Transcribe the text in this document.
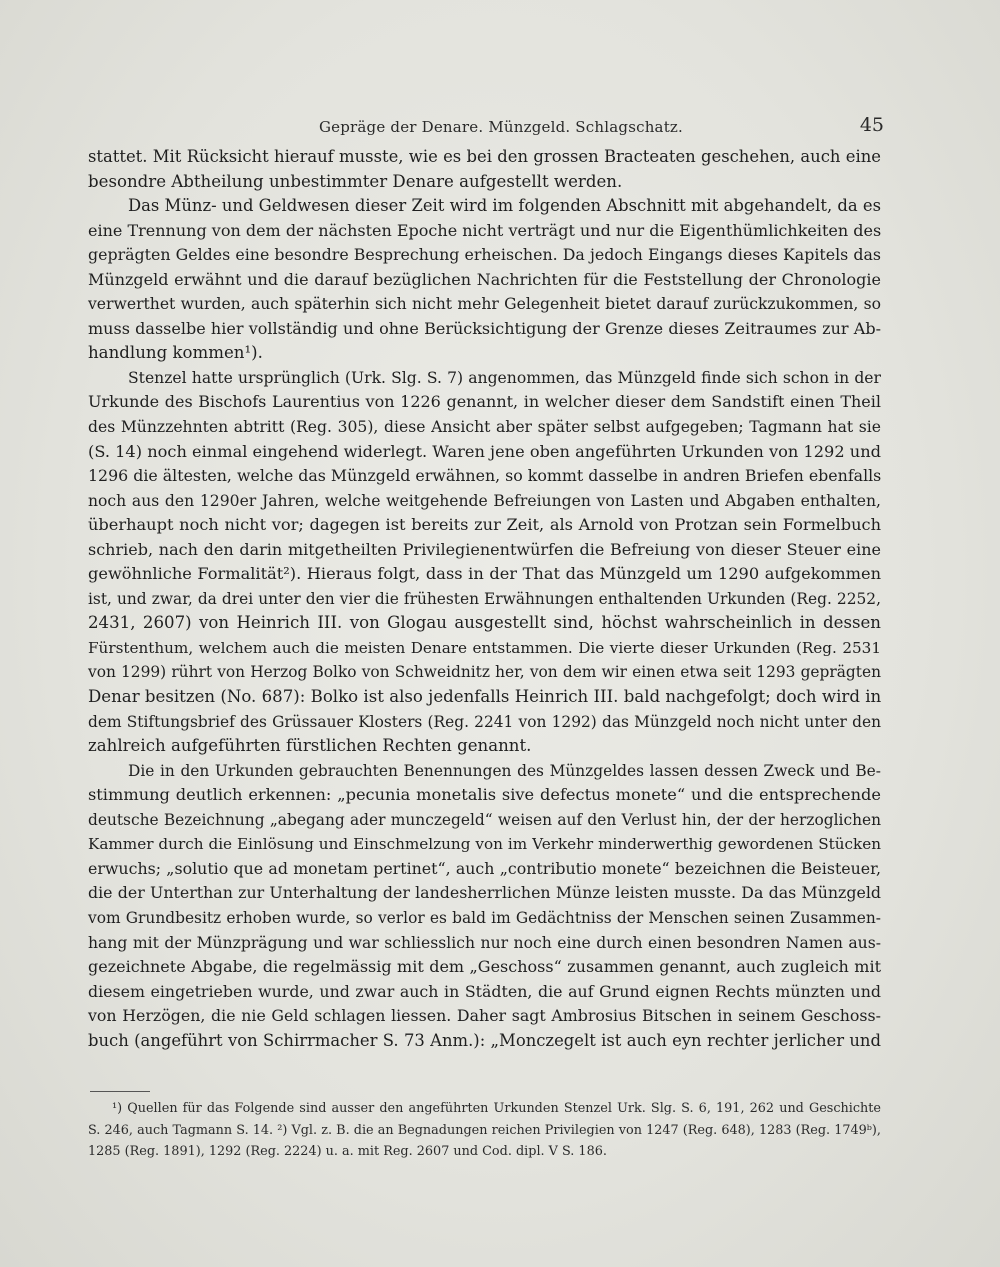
Gepräge der Denare. Münzgeld. Schlagschatz.	45

stattet. Mit Rücksicht hierauf musste, wie es bei den grossen Bracteaten geschehen, auch eine

besondre Abtheilung unbestimmter Denare aufgestellt werden.

Das Münz- und Geldwesen dieser Zeit wird im folgenden Abschnitt mit abgehandelt, da es

eine Trennung von dem der nächsten Epoche nicht verträgt und nur die Eigenthümlichkeiten des

geprägten Geldes eine besondre Besprechung erheischen. Da jedoch Eingangs dieses Kapitels das

Münzgeld erwähnt und die darauf bezüglichen Nachrichten für die Feststellung der Chronologie

verwerthet wurden, auch späterhin sich nicht mehr Gelegenheit bietet darauf zurückzukommen, so

muss dasselbe hier vollständig und ohne Berücksichtigung der Grenze dieses Zeitraumes zur Ab-

handlung kommen¹).

Stenzel hatte ursprünglich (Urk. Slg. S. 7) angenommen, das Münzgeld finde sich schon in der

Urkunde des Bischofs Laurentius von 1226 genannt, in welcher dieser dem Sandstift einen Theil

des Münzzehnten abtritt (Reg. 305), diese Ansicht aber später selbst aufgegeben; Tagmann hat sie

(S. 14) noch einmal eingehend widerlegt. Waren jene oben angeführten Urkunden von 1292 und

1296 die ältesten, welche das Münzgeld erwähnen, so kommt dasselbe in andren Briefen ebenfalls

noch aus den 1290er Jahren, welche weitgehende Befreiungen von Lasten und Abgaben enthalten,

überhaupt noch nicht vor; dagegen ist bereits zur Zeit, als Arnold von Protzan sein Formelbuch

schrieb, nach den darin mitgetheilten Privilegienentwürfen die Befreiung von dieser Steuer eine

gewöhnliche Formalität²). Hieraus folgt, dass in der That das Münzgeld um 1290 aufgekommen

ist, und zwar, da drei unter den vier die frühesten Erwähnungen enthaltenden Urkunden (Reg. 2252,

2431, 2607) von Heinrich III. von Glogau ausgestellt sind, höchst wahrscheinlich in dessen

Fürstenthum, welchem auch die meisten Denare entstammen. Die vierte dieser Urkunden (Reg. 2531

von 1299) rührt von Herzog Bolko von Schweidnitz her, von dem wir einen etwa seit 1293 geprägten

Denar besitzen (No. 687): Bolko ist also jedenfalls Heinrich III. bald nachgefolgt; doch wird in

dem Stiftungsbrief des Grüssauer Klosters (Reg. 2241 von 1292) das Münzgeld noch nicht unter den

zahlreich aufgeführten fürstlichen Rechten genannt.

Die in den Urkunden gebrauchten Benennungen des Münzgeldes lassen dessen Zweck und Be-

stimmung deutlich erkennen: „pecunia monetalis sive defectus monete“ und die entsprechende

deutsche Bezeichnung „abegang ader munczegeld“ weisen auf den Verlust hin, der der herzoglichen

Kammer durch die Einlösung und Einschmelzung von im Verkehr minderwerthig gewordenen Stücken

erwuchs; „solutio que ad monetam pertinet“, auch „contributio monete“ bezeichnen die Beisteuer,

die der Unterthan zur Unterhaltung der landesherrlichen Münze leisten musste. Da das Münzgeld

vom Grundbesitz erhoben wurde, so verlor es bald im Gedächtniss der Menschen seinen Zusammen-

hang mit der Münzprägung und war schliesslich nur noch eine durch einen besondren Namen aus-

gezeichnete Abgabe, die regelmässig mit dem „Geschoss“ zusammen genannt, auch zugleich mit

diesem eingetrieben wurde, und zwar auch in Städten, die auf Grund eignen Rechts münzten und

von Herzögen, die nie Geld schlagen liessen. Daher sagt Ambrosius Bitschen in seinem Geschoss-

buch (angeführt von Schirrmacher S. 73 Anm.): „Monczegelt ist auch eyn rechter jerlicher und

¹) Quellen für das Folgende sind ausser den angeführten Urkunden Stenzel Urk. Slg. S. 6, 191, 262 und Geschichte

S. 246, auch Tagmann S. 14. ²) Vgl. z. B. die an Begnadungen reichen Privilegien von 1247 (Reg. 648), 1283 (Reg. 1749ᵇ),

1285 (Reg. 1891), 1292 (Reg. 2224) u. a. mit Reg. 2607 und Cod. dipl. V S. 186.
